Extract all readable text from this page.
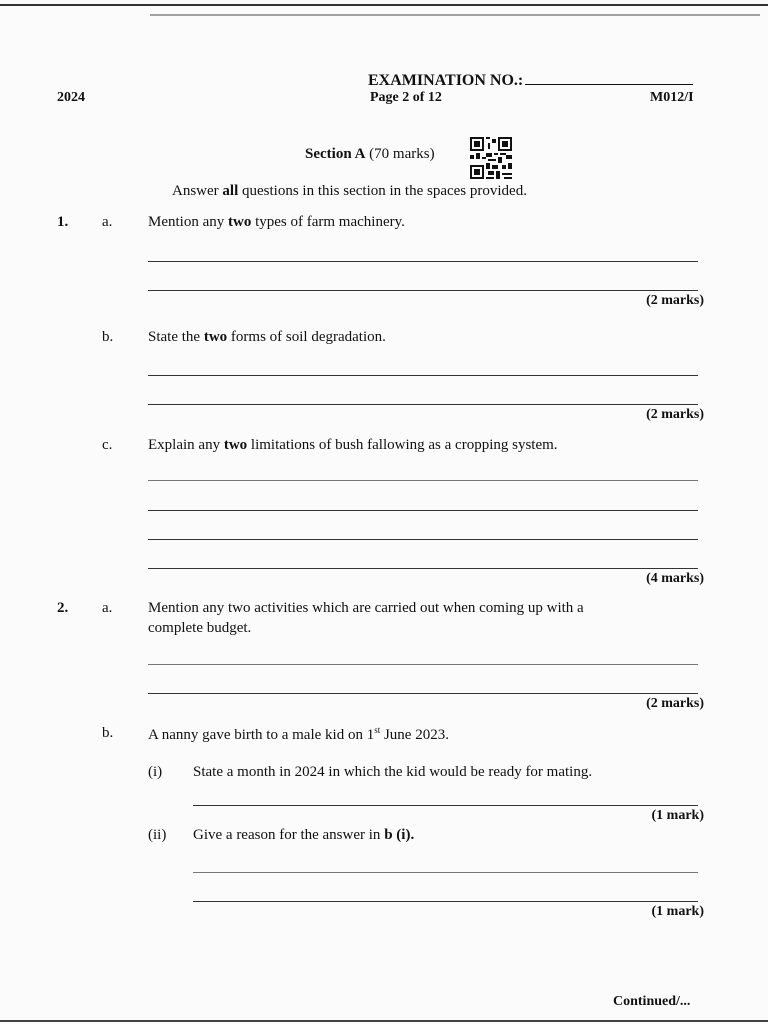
EXAMINATION NO.:
2024	Page 2 of 12	M012/I
Section A (70 marks)
Answer all questions in this section in the spaces provided.
1. a. Mention any two types of farm machinery.
(2 marks)
b. State the two forms of soil degradation.
(2 marks)
c. Explain any two limitations of bush fallowing as a cropping system.
(4 marks)
2. a. Mention any two activities which are carried out when coming up with a
complete budget.
(2 marks)
b. A nanny gave birth to a male kid on 1st June 2023.
(i) State a month in 2024 in which the kid would be ready for mating.
(1 mark)
(ii) Give a reason for the answer in b (i).
(1 mark)
Continued/...
